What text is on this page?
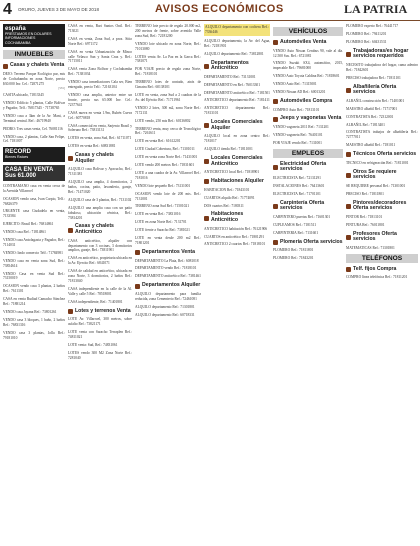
4 ORURO, JUEVES 3 DE MAYO DE 2018	AVISOS ECONÓMICOS	LA PATRIA
españa
PRESTAMOS EN DOLARES
INFORMACIONES
COCHABAMBA
INMUEBLES
Casas y chalets Venta

DEJO: Terreno Parque Ecológico par, mts de Cochabamba en zona Norte, precio $30.000 Inv. Cel.: 72871275
[S81]

CASITA ubicado, 71813345

VENDO Edificio 5 plantas, Calle Bolívar y Pagador, Telf.: 76817345 - 71738765

VENDO casa a 3km de la Av. Mani, a Terminal central. Ref.: 46719940

PEDRO: Tres casas venta, Cel. 76081116

VENDO casa, 2 plantas, Calle San Felipe, Cel. 7181007

RECORD
Bienes Raíces
CASA EN VENTA
Sus 61.000

CONTRAMANO casa en venta cerca de la Avenida Villarroel

OCASION vendo casa, Ivan Carpio, Telf.: 76826379

URGENTE casa Ciudadela en venta, 7133584

EJERCITO: Brasil Ref.: 76814861

VENDO casa Ref.: 71814861

VENDO casa Antofagasta y Pagador, Ref.: 7114031

VENDO: lindo comercio Telf.: 71784981

VENDO casa en venta zona Sud, Ref.: 73854614

VENDO Casa en venta Sud Ref.: 73150019

OCASION vendo casa 3 plantas, 2 baños Ref.: 7611301

CASA en venta Rudiad Camacho Sánchez Ref.: 71881214

VENDO casa Jayana Ref.: 73801261

VENDO casa 3 bloques, 1 baño, 2 baños Ref.: 76831316

VENDO casa 3 plantas, Jolla Ref.: 79181010

CASA en venta, Bari Santos Ontl. Ref.: 713021

CASA en venta, Zona Sud, a prox. Sitio Norte Ref.: 6971172

CASA en venta Urbanización de Minco calle Velasco San y Santa Cruz y. Ref.: 71715011

CASA venta Zona Bolívar y Cochabamba Ref.: 71381034

VENDO casa inmediaciones Cala ser, Bien entregado, precio Telf.: 72163104

VENDO casa amplia, anterior entre un fronte, precio sus 65.000 Inv. Cel.: 72377641

CASA nueva en venta 1.9m, Rubén Cueva Cel.: 60770818

CASA comercial en venta, Sarjento Brasil y Soleruno Ref.: 73813131

LOTES en venta, zona Sud, Ref.: 61711071

LOTES en venta Ref.: 60831881

Casas y chalets Alquiler

ALQUILO casa Bolivar y Ayacucho, Ref.: 71311381

ALQUILO casa amplia, 4 dormitorios, 2 baños, cocina, patio, lavanderia, garaje, Ref.: 71471020

ALQUILO casa de 3 plantas, Ref.: 7131102

ALQUILO una amplia casa con un patio fabuloso, ubicación céntrica, Ref.: 73814201

Casas y chalets Anticrético

CASA anticrético, alquiler con departamento con 3 cocinas, 3 dormitorios amplios, garaje, Ref.: 73811901

CASA en anticrético, propietaria ubicada en la Av. Ejercito Ref.: 6841071

CASA de calidad en anticrético, ubicada en zona Norte, 3 dormitorios, 2 baños Ref.: 71813040

CASA independiente en la calle de la Al. Valle y calle 5 Ref.: 78518001

CASA independiente, Ref.: 71401801

Lotes y terrenos Venta

LOTE Av. Villarroel, 300 metros, sobre asfalto Ref.: 73821171

LOTE venta con Saracho Terraplen Ref.: 74811021

LOTE venta: Sud, Ref.: 74831061

LOTES vendo 300 M2 Zona Norte Ref.: 7281040

TERRENO lote precio de regalo 20.000 m2, 200 metros de frente, sobre avenida Valle zona Sud, Ref.: 72181200

VENDO lote ubicado en zona Norte, Ref.: 71013080

LOTES venta Av. La Paz en la Garca Ref.: 7381071

POR VIAJE precio de regalo zona Norte, Ref.: 71818101

TERRENO lotes de contado, atrás de Cimatra Ref.: 60138101

LOTE en venta, zona Sud a 2 cuadras de la Av. del Ejército Ref.: 71711961

VENDO 2 lotes, 300 m2, zona Norte Ref.: 7172131

LOTE vendo, 250 mts Ref.: 60136802

TERRENO venta, muy cerca de Tecnológico Ref.: 7261611

LOTE en venta Ref.: 61612201

LOTE Ciudad Cobertura, Ref.: 71301011

LOTE en venta zona Norte Ref.: 71431001

LOTE vendo 200 metros Ref.: 71831601

LOTE a una cuadra de la Av. Villarroel Ref.: 7181016

VENDO lote pequeño Ref.: 73131001

OCASION vendo lote de 200 mts. Ref.: 7131001

TERRENO zona Sud Ref.: 71501021

LOTE en venta Ref.: 73831016

LOTE en zona Norte Ref.: 7131701

LOTE frente a Saracho Ref.: 7381021

LOTE en venta desde 200 m2 Ref.: 71801201

Departamentos Venta

DEPARTAMENTO La Plata, Ref.: 6081018

DEPARTAMENTO vendo Ref.: 71818101

DEPARTAMENTO anticrético Ref.: 7381461

Departamentos Alquiler

ALQUILO departamento para familia reducida, zona Cementerio Ref.: 72461081

ALQUILO departamento Ref.: 71301801

ALQUILO departamento Ref.: 60718331

ALQUILO departamento con cochera Ref.: 7336446

ALQUILO departamento, la Av. del Agua, Ref.: 72181901

ALQUILO departamento Ref.: 73812801

Departamentos Anticrético

DEPARTAMENTO Ref.: 73131001

DEPARTAMENTO en Ref.: 76013301

DEPARTAMENTO anticrético Ref.: 7181501

ANTICRETICO departamento Ref.: 7181411

ANTICRETICO departamento Ref.: 71813101

Locales Comerciales Alquiler

ALQUILO local en zona centro Ref.: 7181017

ALQUILO tienda Ref.: 71811001

Locales Comerciales Anticrético

ANTICRETICO local Ref.: 71818901

Habitaciones Alquiler

HABITACION Ref.: 71843101

CUARTOS alquilo Ref.: 71774091

DOS cuartos Ref.: 7180311

Habitaciones Anticrético

ANTICRETICO habitación Ref.: 76121906

CUARTOS en anticrético Ref.: 71801291

ANTICRETICO 2 cuartos Ref.: 71818101

VEHÍCULOS
Automóviles Venta

VENDO Auto Nissan Cerabus 90, vale al día. 12.500 Sus. Ref.: 6721081

VENDO Suzuki SX4, automático, 2015, impecable Ref.: 79681000

VENDO Auto Toyota Caldina Ref.: 71818601

VENDO Auto Ref.: 71315001

VENDO Nissan AD Ref.: 60013201

Automóviles Compra

COMPRO Auto Ref.: 71813101

Jeeps y vagonetas Venta

VENDO vagoneta 2011 Ref.: 7131201

VENDO vagoneta Ref.: 76401101

POR VIAJE vendo Ref.: 7131001

EMPLEOS
Electricidad Oferta servicios

ELECTRICISTA Ref.: 72131291

INSTALACIONES Ref.: 76413601

ELECTRICISTA Ref.: 71701101

Carpintería Oferta servicios

CARPINTERO puertas Ref.: 71601301

CUPLEAMOS Ref.: 7181511

CARPINTERIA Ref.: 7131601

Plomería Oferta servicios

PLOMERO Ref.: 71811801

PLOMERO Ref.: 71843201

PLOMERO experto Ref.: 76441717

PLOMERO Ref.: 79411201

PLOMERO Ref.: 60431531

Trabajadoras/es hogar servicios requeridos

NECESITO trabajadora del hogar, cama adentro Ref.: 71842601

PRECISO trabajadora Ref.: 71811101

Albañilería Oferta servicios

ALBAÑIL construcción Ref.: 71401001

MAESTRO albañil Ref.: 71717001

CONTRATISTA Ref.: 72312001

ALBAÑIL Ref.: 71813401

CONTRATISTA trabajos de albañilería Ref.: 72777011

MAESTRO albañil Ref.: 7181011

Técnicos Oferta servicios

TECNICO en refrigeración Ref.: 71811001

Otros Se requiere servicios

SE REQUIERE personal Ref.: 71301001

PRECISO Ref.: 71811801

Pintores/decoradores Oferta servicios

PINTOR Ref.: 71813101

PINTURA Ref.: 76011801

Profesores Oferta servicios

MATEMATICAS Ref.: 71301801

TELÉFONOS
Telf. fijos Compra

COMPRO línea telefónica Ref.: 71811201
